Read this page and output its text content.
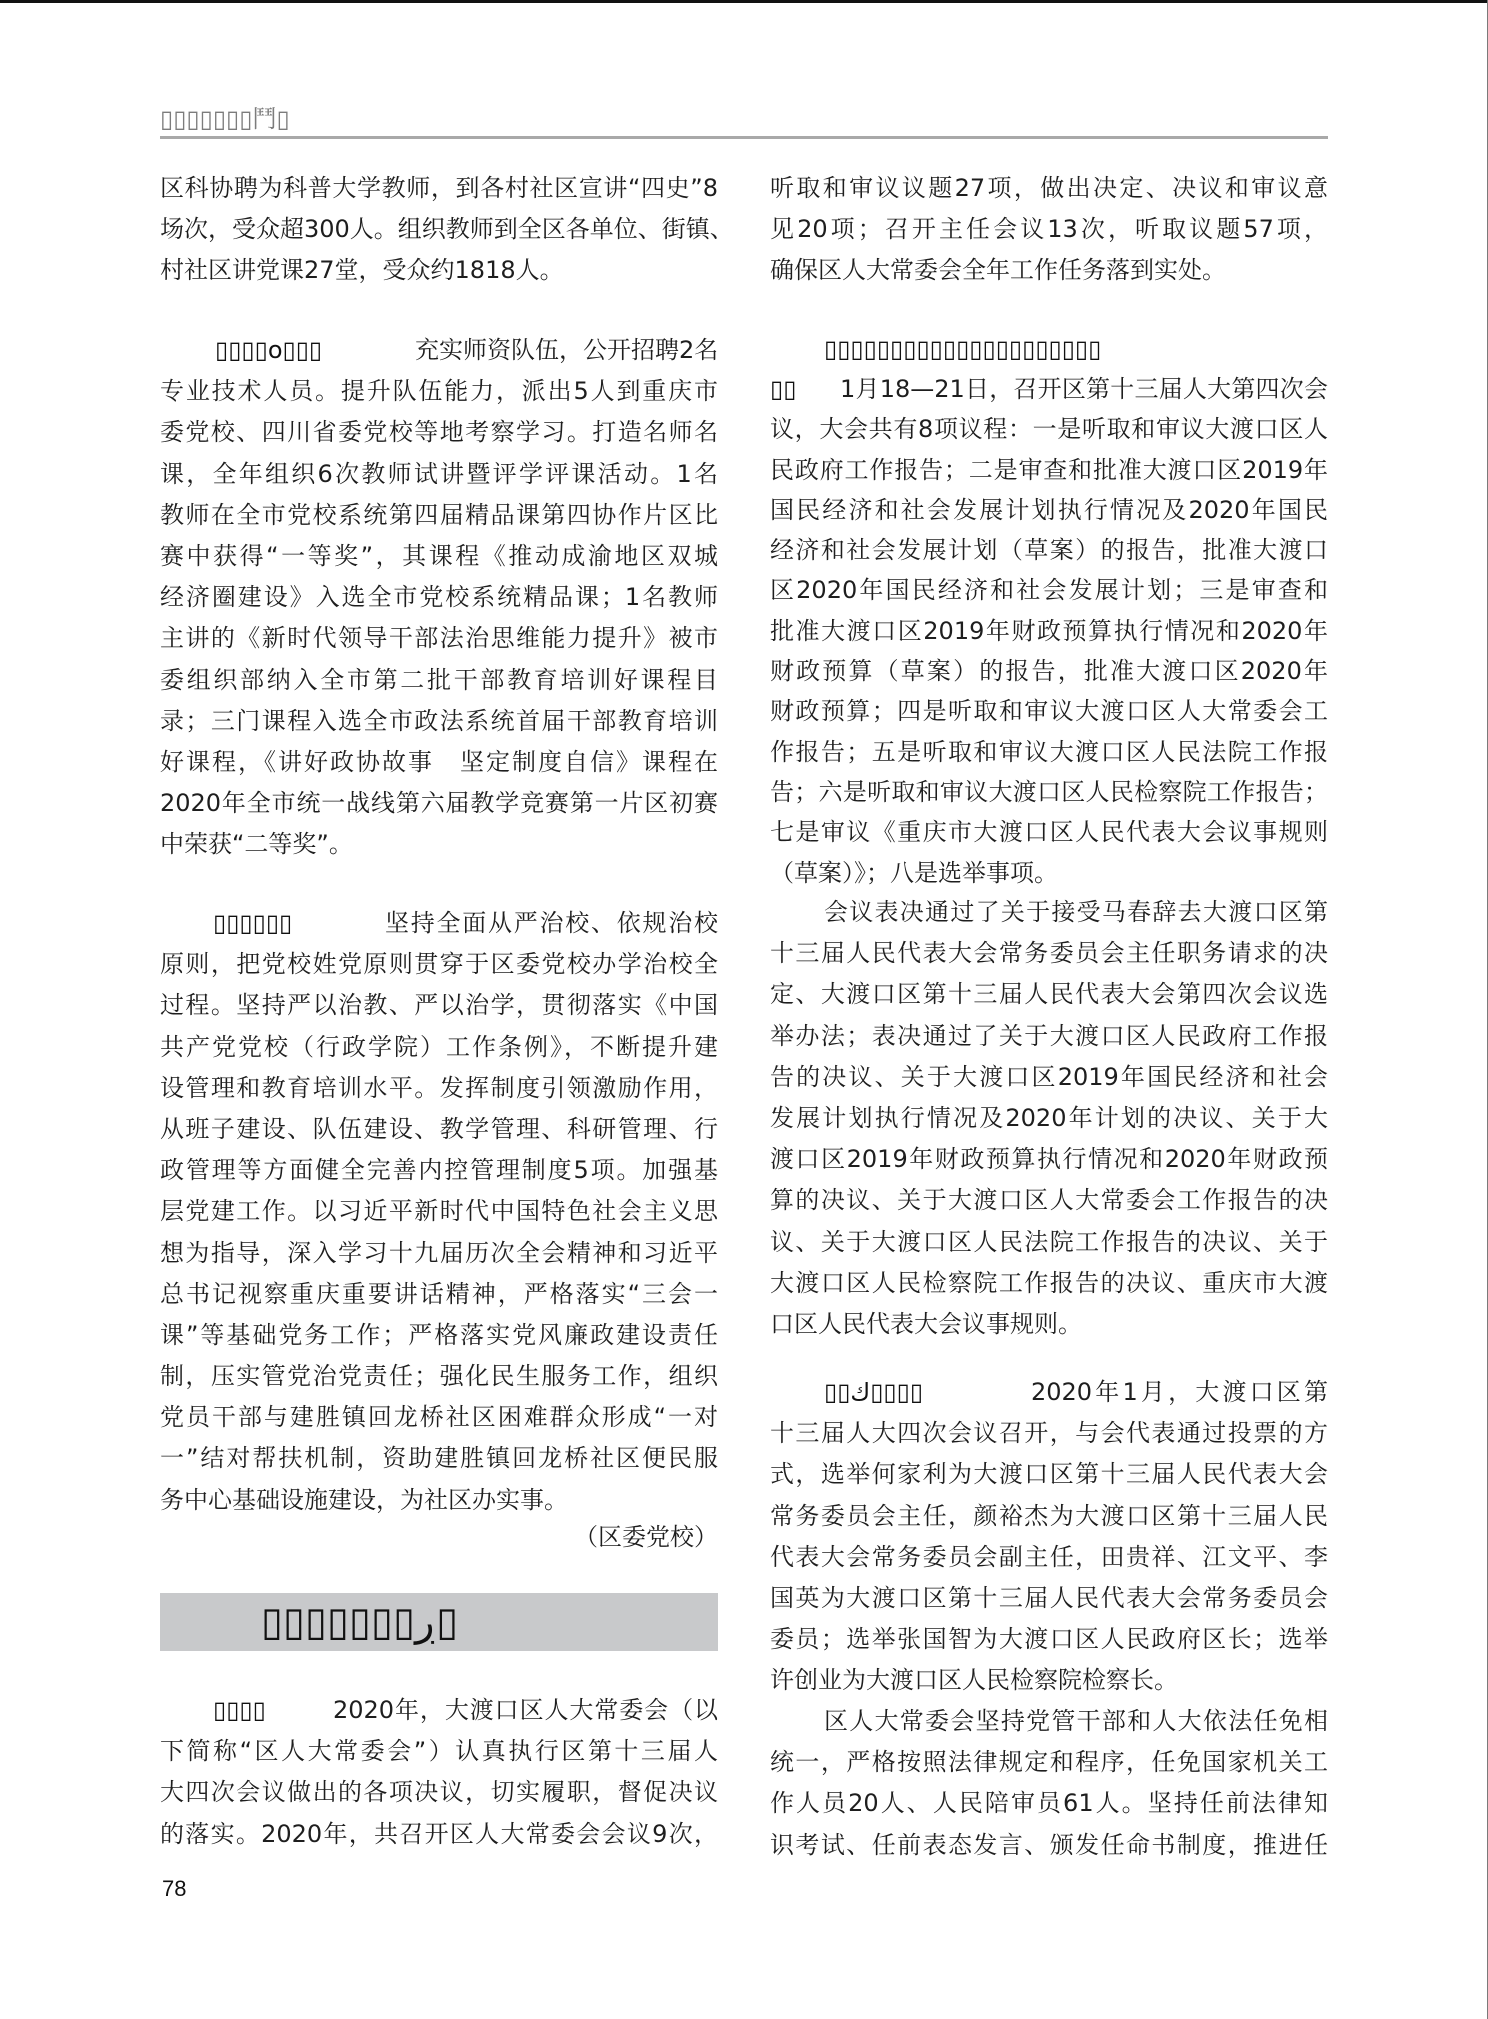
▯▯▯▯▯▯▯鬥▯
区科协聘为科普大学教师，到各村社区宣讲“四史”8
场次，受众超300人。组织教师到全区各单位、街镇、
村社区讲党课27堂，受众约1818人。
▯▯▯▯o▯▯▯	充实师资队伍，公开招聘2名
专业技术人员。提升队伍能力，派出5人到重庆市
委党校、四川省委党校等地考察学习。打造名师名
课，全年组织6次教师试讲暨评学评课活动。1名
教师在全市党校系统第四届精品课第四协作片区比
赛中获得“一等奖”，其课程《推动成渝地区双城
经济圈建设》入选全市党校系统精品课；1名教师
主讲的《新时代领导干部法治思维能力提升》被市
委组织部纳入全市第二批干部教育培训好课程目
录；三门课程入选全市政法系统首届干部教育培训
好课程，《讲好政协故事　坚定制度自信》课程在
2020年全市统一战线第六届教学竞赛第一片区初赛
中荣获“二等奖”。
▯▯▯▯▯▯	坚持全面从严治校、依规治校
原则，把党校姓党原则贯穿于区委党校办学治校全
过程。坚持严以治教、严以治学，贯彻落实《中国
共产党党校（行政学院）工作条例》，不断提升建
设管理和教育培训水平。发挥制度引领激励作用，
从班子建设、队伍建设、教学管理、科研管理、行
政管理等方面健全完善内控管理制度5项。加强基
层党建工作。以习近平新时代中国特色社会主义思
想为指导，深入学习十九届历次全会精神和习近平
总书记视察重庆重要讲话精神，严格落实“三会一
课”等基础党务工作；严格落实党风廉政建设责任
制，压实管党治党责任；强化民生服务工作，组织
党员干部与建胜镇回龙桥社区困难群众形成“一对
一”结对帮扶机制，资助建胜镇回龙桥社区便民服
务中心基础设施建设，为社区办实事。
（区委党校）
▯▯▯▯▯▯▯ڔ▯
▯▯▯▯	2020年，大渡口区人大常委会（以
下简称“区人大常委会”）认真执行区第十三届人
大四次会议做出的各项决议，切实履职，督促决议
的落实。2020年，共召开区人大常委会会议9次，
听取和审议议题27项，做出决定、决议和审议意
见20项；召开主任会议13次，听取议题57项，
确保区人大常委会全年工作任务落到实处。
▯▯▯▯▯▯▯▯▯▯▯▯▯▯▯▯▯▯▯▯▯
▯▯ 1月18—21日，召开区第十三届人大第四次会
议，大会共有8项议程：一是听取和审议大渡口区人
民政府工作报告；二是审查和批准大渡口区2019年
国民经济和社会发展计划执行情况及2020年国民
经济和社会发展计划（草案）的报告，批准大渡口
区2020年国民经济和社会发展计划；三是审查和
批准大渡口区2019年财政预算执行情况和2020年
财政预算（草案）的报告，批准大渡口区2020年
财政预算；四是听取和审议大渡口区人大常委会工
作报告；五是听取和审议大渡口区人民法院工作报
告；六是听取和审议大渡口区人民检察院工作报告；
七是审议《重庆市大渡口区人民代表大会议事规则
（草案）》；八是选举事项。
会议表决通过了关于接受马春辞去大渡口区第
十三届人民代表大会常务委员会主任职务请求的决
定、大渡口区第十三届人民代表大会第四次会议选
举办法；表决通过了关于大渡口区人民政府工作报
告的决议、关于大渡口区2019年国民经济和社会
发展计划执行情况及2020年计划的决议、关于大
渡口区2019年财政预算执行情况和2020年财政预
算的决议、关于大渡口区人大常委会工作报告的决
议、关于大渡口区人民法院工作报告的决议、关于
大渡口区人民检察院工作报告的决议、重庆市大渡
口区人民代表大会议事规则。
▯▯ك▯▯▯▯	2020年1月，大渡口区第
十三届人大四次会议召开，与会代表通过投票的方
式，选举何家利为大渡口区第十三届人民代表大会
常务委员会主任，颜裕杰为大渡口区第十三届人民
代表大会常务委员会副主任，田贵祥、江文平、李
国英为大渡口区第十三届人民代表大会常务委员会
委员；选举张国智为大渡口区人民政府区长；选举
许创业为大渡口区人民检察院检察长。
区人大常委会坚持党管干部和人大依法任免相
统一，严格按照法律规定和程序，任免国家机关工
作人员20人、人民陪审员61人。坚持任前法律知
识考试、任前表态发言、颁发任命书制度，推进任
78
